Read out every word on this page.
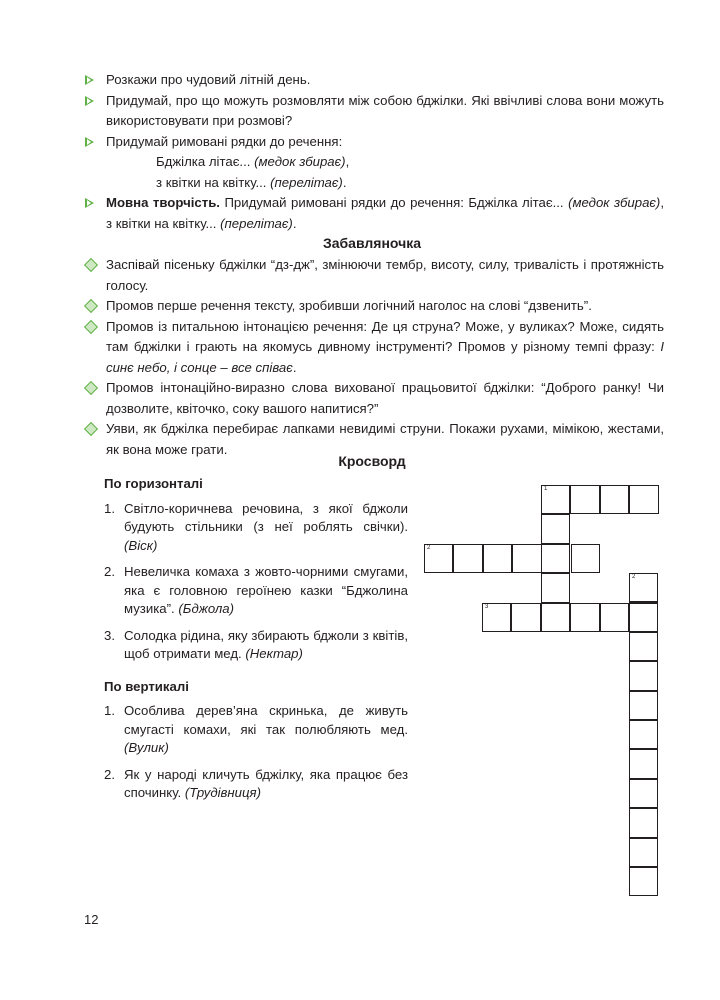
Розкажи про чудовий літній день.
Придумай, про що можуть розмовляти між собою бджілки. Які ввічливі слова вони можуть використовувати при розмові?
Придумай римовані рядки до речення:
Бджілка літає... (медок збирає),
з квітки на квітку... (перелітає).
Мовна творчість. Придумай римовані рядки до речення: Бджілка літає... (медок збирає), з квітки на квітку... (перелітає).
Забавляночка
Заспівай пісеньку бджілки “дз-дж”, змінюючи тембр, висоту, силу, тривалість і протяжність голосу.
Промов перше речення тексту, зробивши логічний наголос на слові “дзвенить”.
Промов із питальною інтонацією речення: Де ця струна? Може, у вуликах? Може, сидять там бджілки і грають на якомусь дивному інструменті? Промов у різному темпі фразу: І синє небо, і сонце – все співає.
Промов інтонаційно-виразно слова вихованої працьовитої бджілки: “Доброго ранку! Чи дозволите, квіточко, соку вашого напитися?”
Уяви, як бджілка перебирає лапками невидимі струни. Покажи рухами, мімікою, жестами, як вона може грати.
Кросворд
По горизонталі
1. Світло-коричнева речовина, з якої бджоли будують стільники (з неї роблять свічки). (Віск)
2. Невеличка комаха з жовто-чорними смугами, яка є головною героїнею казки “Бджолина музика”. (Бджола)
3. Солодка рідина, яку збирають бджоли з квітів, щоб отримати мед. (Нектар)
По вертикалі
1. Особлива дерев’яна скринька, де живуть смугасті комахи, які так полюбляють мед. (Вулик)
2. Як у народі кличуть бджілку, яка працює без спочинку. (Трудівниця)
1
2
2
3
12
